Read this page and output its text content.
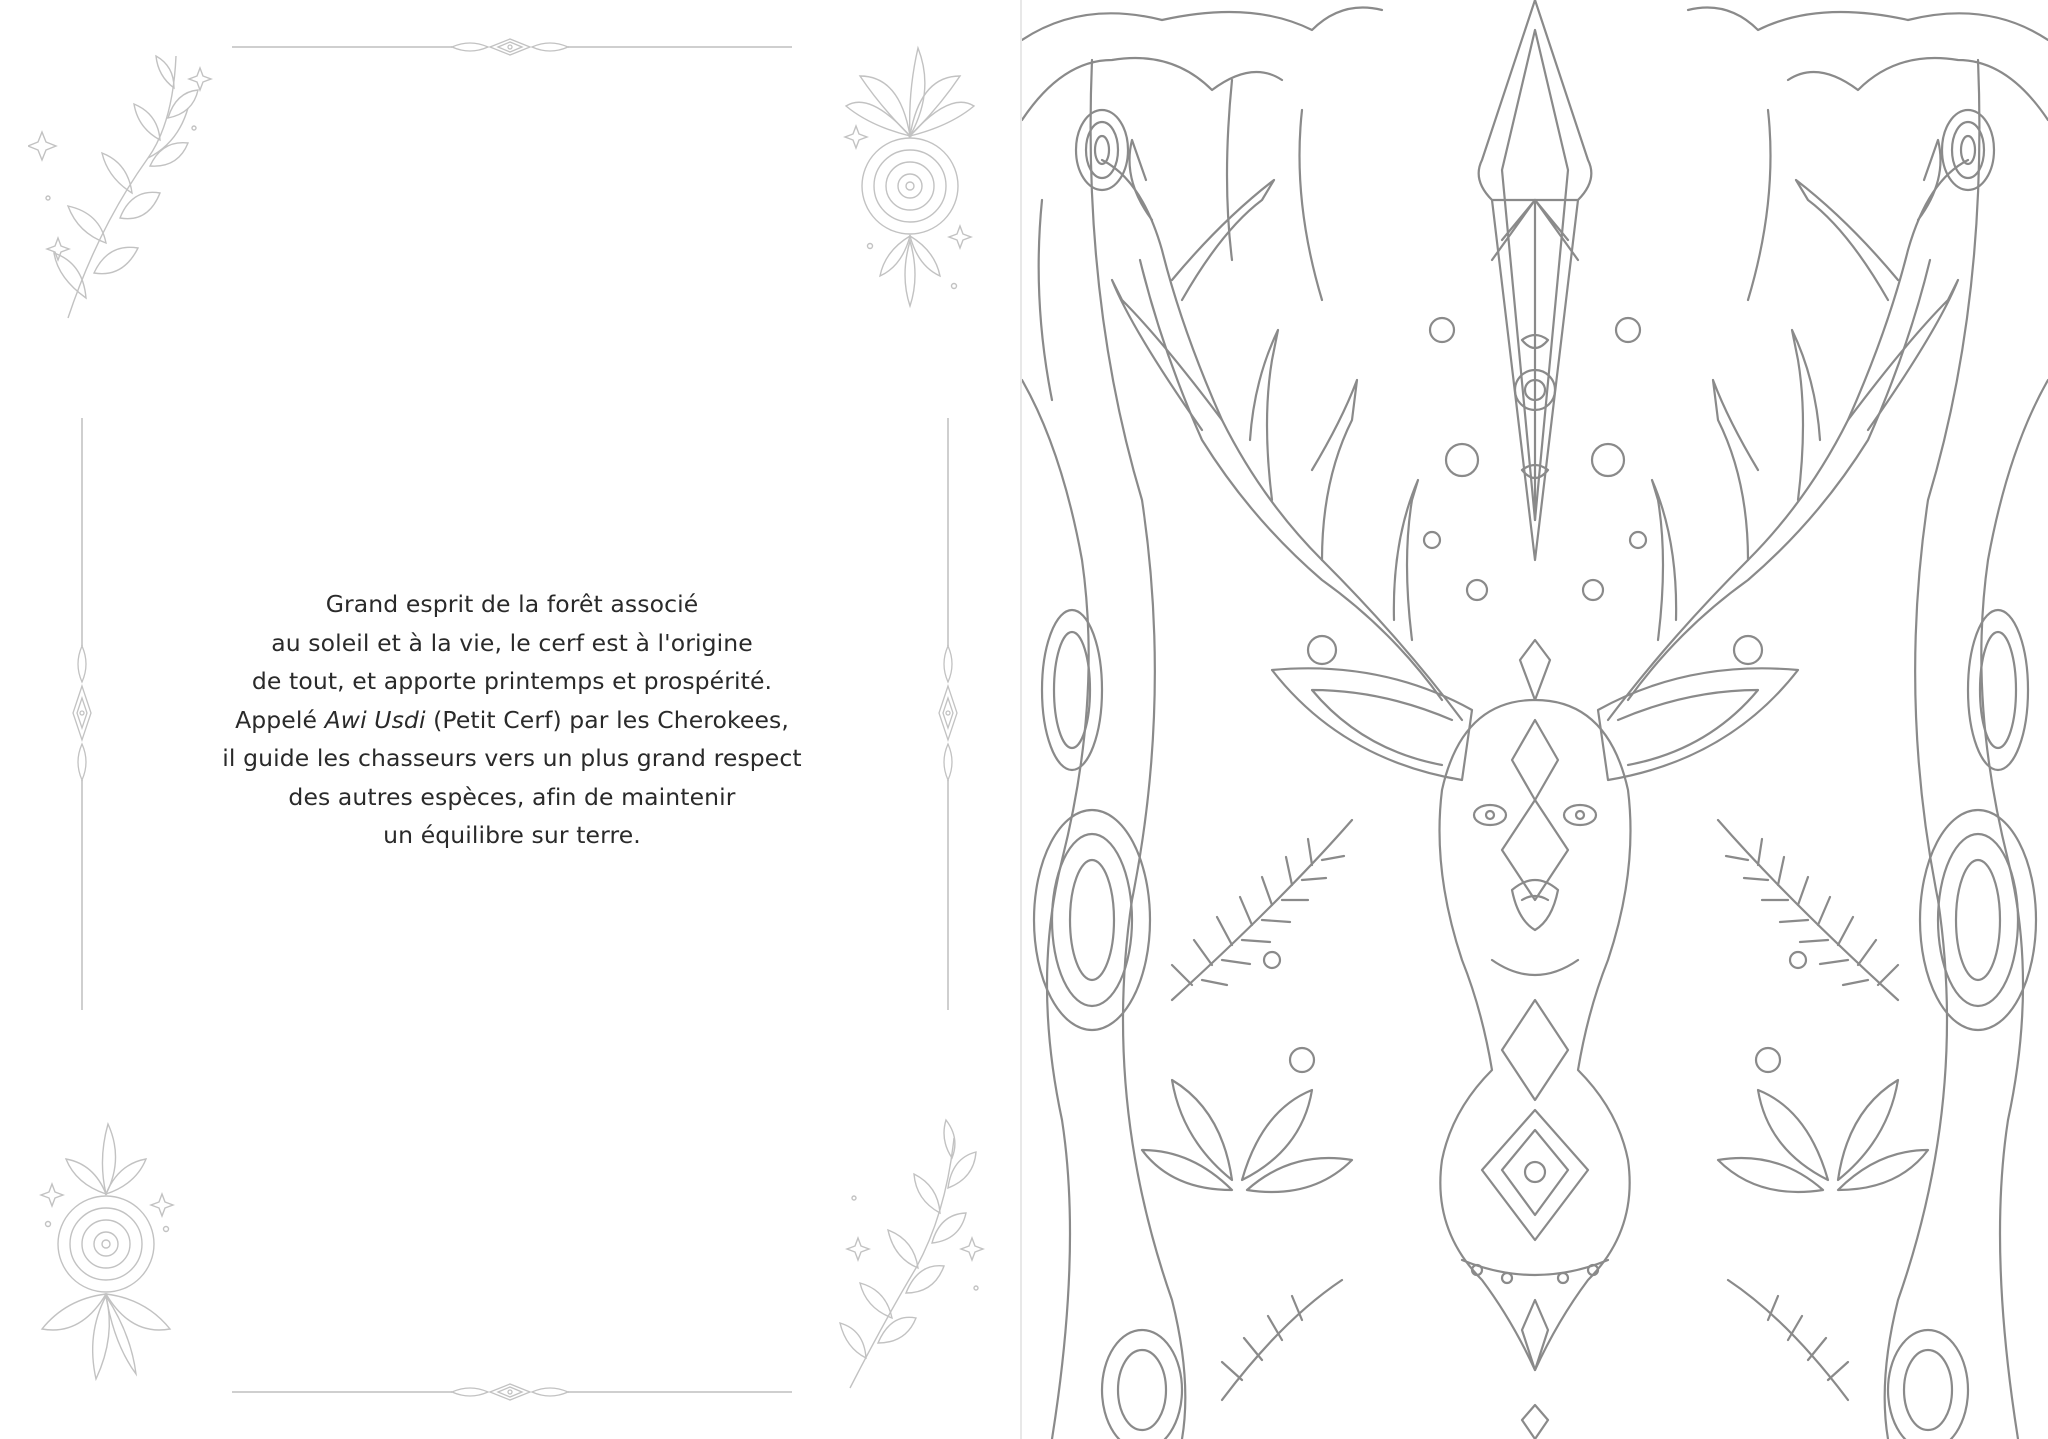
Grand esprit de la forêt associé
au soleil et à la vie, le cerf est à l'origine
de tout, et apporte printemps et prospérité.
Appelé Awi Usdi (Petit Cerf) par les Cherokees,
il guide les chasseurs vers un plus grand respect
des autres espèces, afin de maintenir
un équilibre sur terre.
